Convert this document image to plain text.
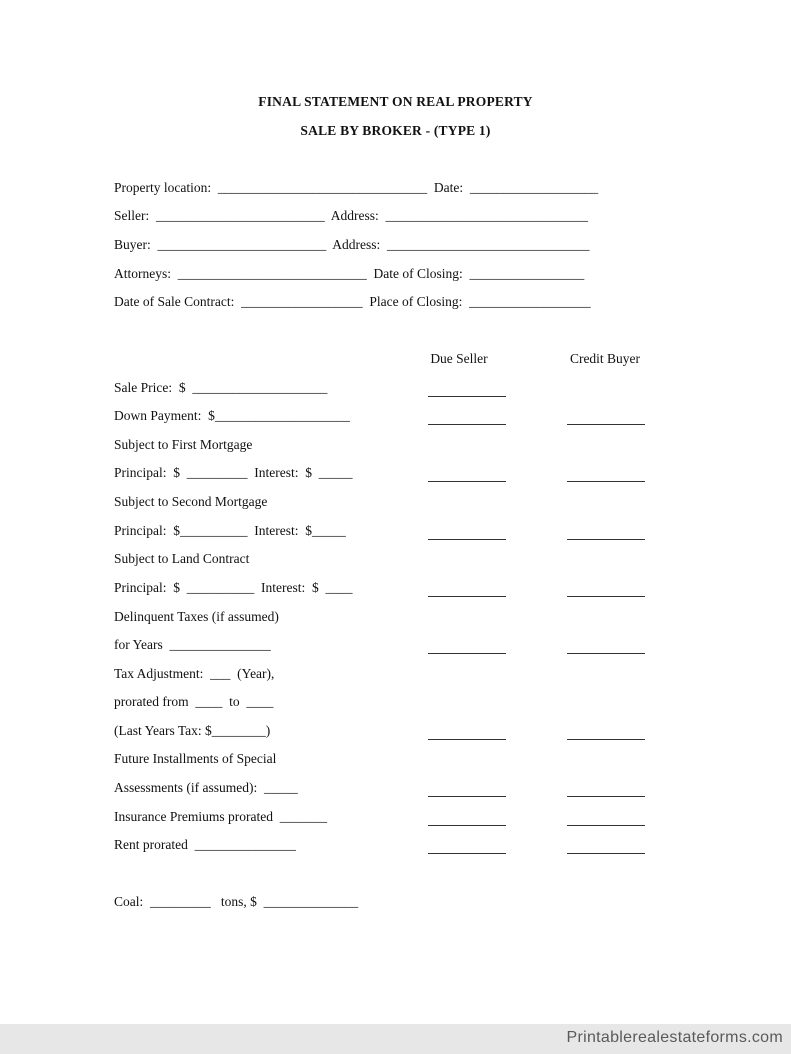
FINAL STATEMENT ON REAL PROPERTY
SALE BY BROKER - (TYPE 1)
Property location:  _______________________________  Date:  ___________________
Seller:  _________________________  Address:  ______________________________
Buyer:  _________________________  Address:  ______________________________
Attorneys:  ____________________________  Date of Closing:  _________________
Date of Sale Contract:  __________________  Place of Closing:  __________________
Due Seller	Credit Buyer
Sale Price:  $  ____________________
Down Payment:  $____________________
Subject to First Mortgage
Principal:  $  _________  Interest:  $  _____
Subject to Second Mortgage
Principal:  $__________  Interest:  $_____
Subject to Land Contract
Principal:  $  __________  Interest:  $  ____
Delinquent Taxes (if assumed)
for Years  _______________
Tax Adjustment:  ___  (Year),
prorated from  ____  to  ____
(Last Years Tax: $________)
Future Installments of Special
Assessments (if assumed):  _____
Insurance Premiums prorated  _______
Rent prorated  _______________
Coal:  _________   tons, $  ______________
Printablerealestateforms.com
